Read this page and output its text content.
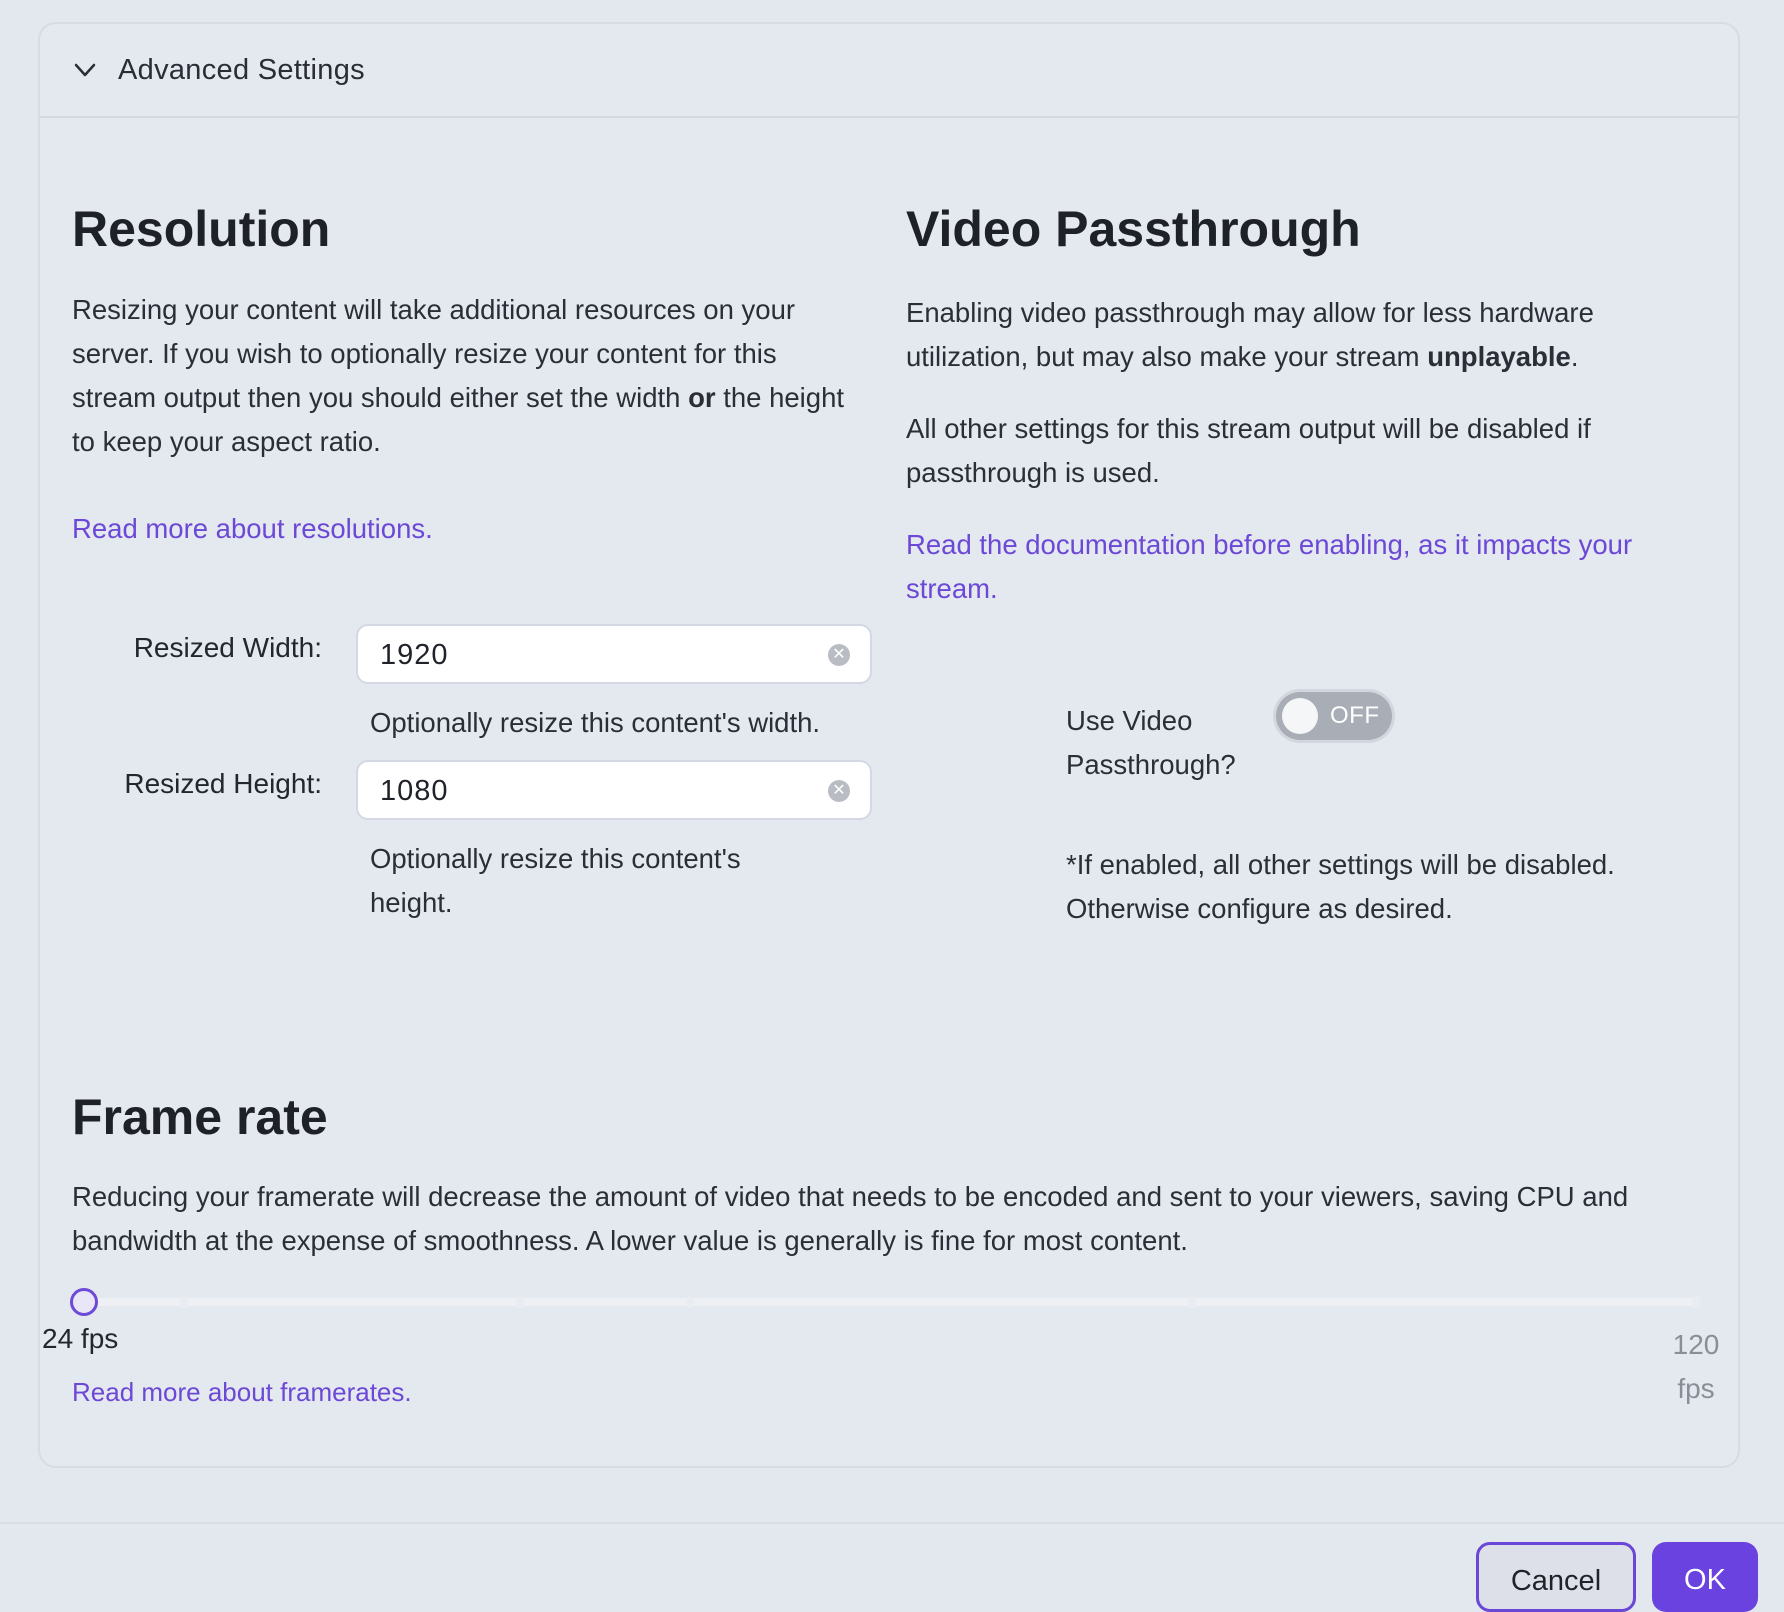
Advanced Settings
Resolution

Resizing your content will take additional resources on your server. If you wish to optionally resize your content for this stream output then you should either set the width or the height to keep your aspect ratio.

Read more about resolutions.
Resized Width:
1920	✕
Optionally resize this content's width.
Resized Height:
1080	✕
Optionally resize this content's height.
Video Passthrough

Enabling video passthrough may allow for less hardware utilization, but may also make your stream unplayable.

All other settings for this stream output will be disabled if passthrough is used.

Read the documentation before enabling, as it impacts your stream.
Use Video Passthrough?
OFF
*If enabled, all other settings will be disabled. Otherwise configure as desired.
Frame rate

Reducing your framerate will decrease the amount of video that needs to be encoded and sent to your viewers, saving CPU and bandwidth at the expense of smoothness. A lower value is generally is fine for most content.

24 fps	120 fps
Read more about framerates.
Cancel	OK
